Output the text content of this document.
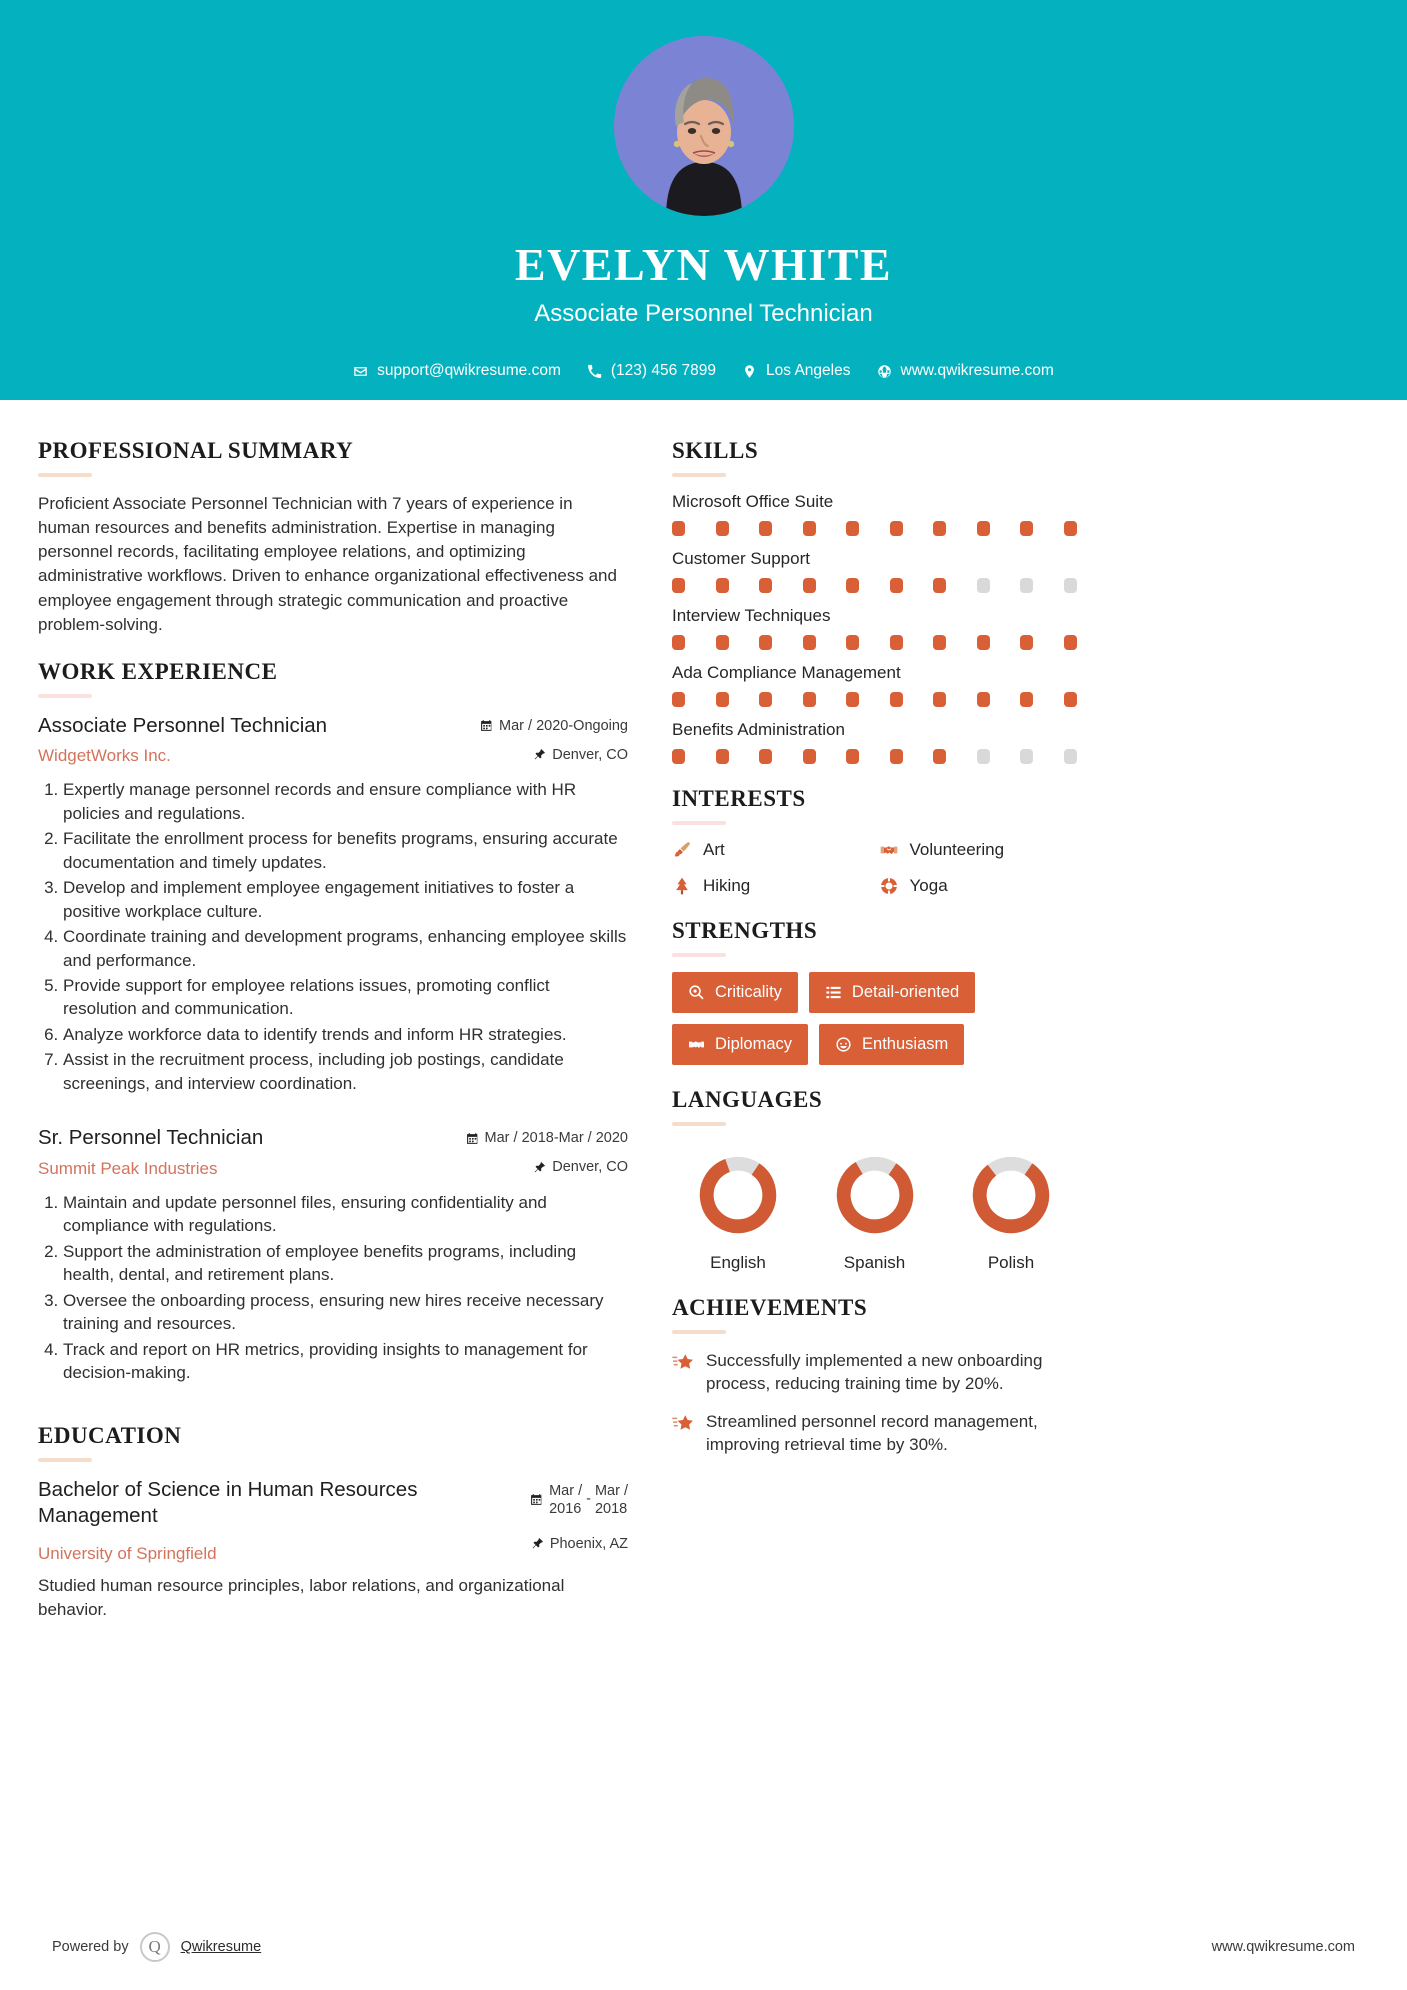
EVELYN WHITE
Associate Personnel Technician
support@qwikresume.com	(123) 456 7899	Los Angeles	www.qwikresume.com
PROFESSIONAL SUMMARY

Proficient Associate Personnel Technician with 7 years of experience in human resources and benefits administration. Expertise in managing personnel records, facilitating employee relations, and optimizing administrative workflows. Driven to enhance organizational effectiveness and employee engagement through strategic communication and proactive problem-solving.

WORK EXPERIENCE
Associate Personnel Technician
WidgetWorks Inc.
Mar / 2020-Ongoing
Denver, CO
1. Expertly manage personnel records and ensure compliance with HR policies and regulations.
2. Facilitate the enrollment process for benefits programs, ensuring accurate documentation and timely updates.
3. Develop and implement employee engagement initiatives to foster a positive workplace culture.
4. Coordinate training and development programs, enhancing employee skills and performance.
5. Provide support for employee relations issues, promoting conflict resolution and communication.
6. Analyze workforce data to identify trends and inform HR strategies.
7. Assist in the recruitment process, including job postings, candidate screenings, and interview coordination.
Sr. Personnel Technician
Summit Peak Industries
Mar / 2018-Mar / 2020
Denver, CO
1. Maintain and update personnel files, ensuring confidentiality and compliance with regulations.
2. Support the administration of employee benefits programs, including health, dental, and retirement plans.
3. Oversee the onboarding process, ensuring new hires receive necessary training and resources.
4. Track and report on HR metrics, providing insights to management for decision-making.
EDUCATION
Bachelor of Science in Human Resources Management
University of Springfield
Mar /
2016
- Mar /
2018
Phoenix, AZ

Studied human resource principles, labor relations, and organizational behavior.

SKILLS
Microsoft Office Suite
Customer Support
Interview Techniques
Ada Compliance Management
Benefits Administration
INTERESTS
Art	Volunteering
Hiking	Yoga
STRENGTHS
Criticality	Detail-oriented
Diplomacy	Enthusiasm
LANGUAGES
English	Spanish	Polish
ACHIEVEMENTS
Successfully implemented a new onboarding process, reducing training time by 20%.
Streamlined personnel record management, improving retrieval time by 30%.
Powered by Q Qwikresume	www.qwikresume.com
